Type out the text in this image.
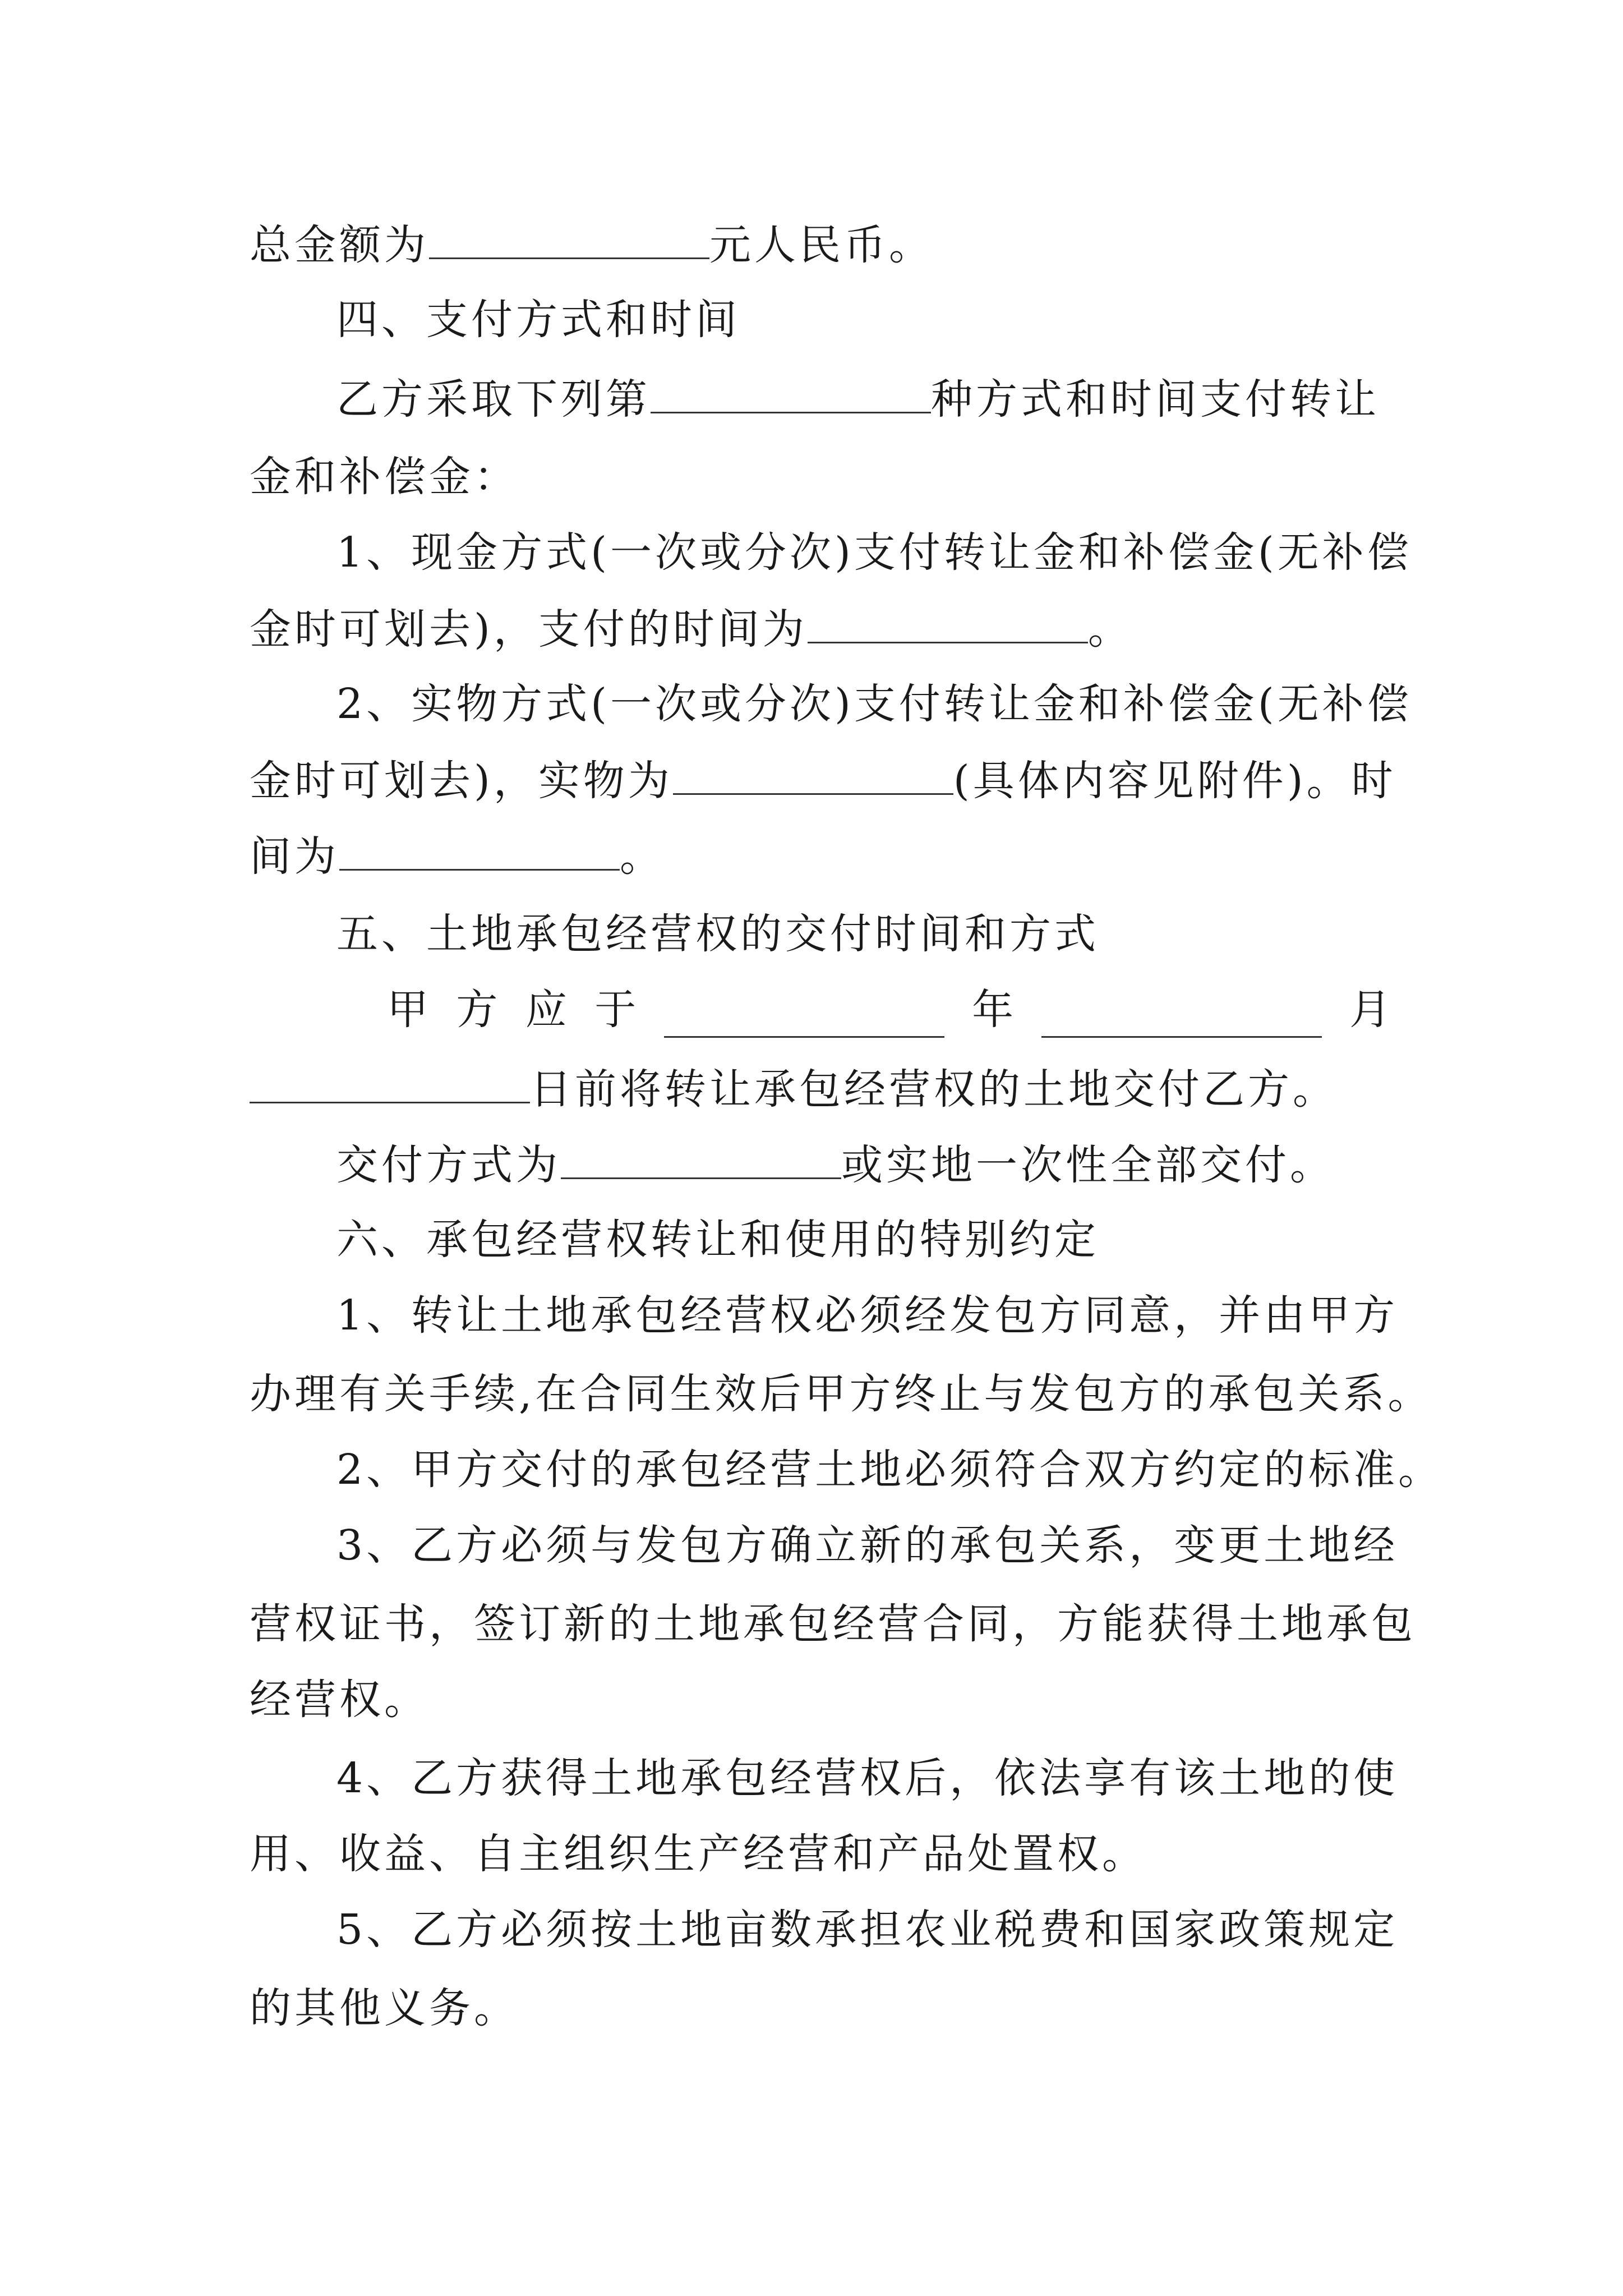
总金额为	元人民币。
四、支付方式和时间
乙方采取下列第	种方式和时间支付转让
金和补偿金：
1、现金方式(一次或分次)支付转让金和补偿金(无补偿
金时可划去)，支付的时间为	。
2、实物方式(一次或分次)支付转让金和补偿金(无补偿
金时可划去)，实物为	(具体内容见附件)。时
间为	。
五、土地承包经营权的交付时间和方式
甲 方 应 于	年	月
日前将转让承包经营权的土地交付乙方。
交付方式为	或实地一次性全部交付。
六、承包经营权转让和使用的特别约定
1、转让土地承包经营权必须经发包方同意，并由甲方
办理有关手续,在合同生效后甲方终止与发包方的承包关系。
2、甲方交付的承包经营土地必须符合双方约定的标准。
3、乙方必须与发包方确立新的承包关系，变更土地经
营权证书，签订新的土地承包经营合同，方能获得土地承包
经营权。
4、乙方获得土地承包经营权后，依法享有该土地的使
用、收益、自主组织生产经营和产品处置权。
5、乙方必须按土地亩数承担农业税费和国家政策规定
的其他义务。
